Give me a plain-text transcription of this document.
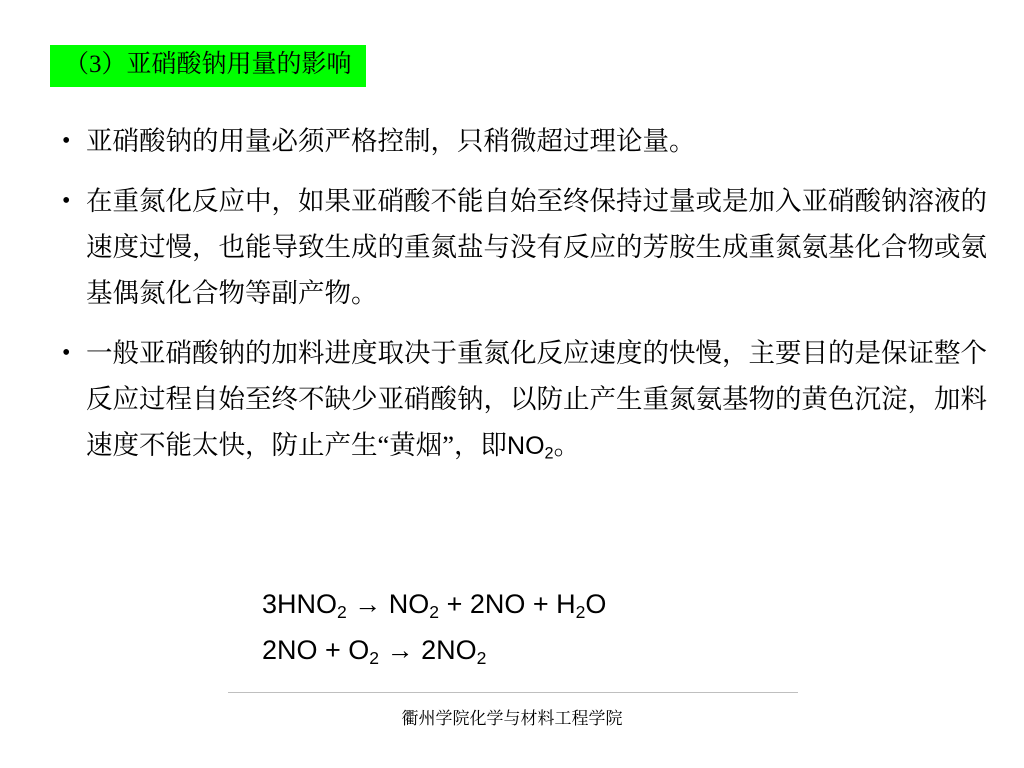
（3）亚硝酸钠用量的影响
• 亚硝酸钠的用量必须严格控制，只稍微超过理论量。
• 在重氮化反应中，如果亚硝酸不能自始至终保持过量或是加入亚硝酸钠溶液的速度过慢，也能导致生成的重氮盐与没有反应的芳胺生成重氮氨基化合物或氨基偶氮化合物等副产物。
• 一般亚硝酸钠的加料进度取决于重氮化反应速度的快慢，主要目的是保证整个反应过程自始至终不缺少亚硝酸钠，以防止产生重氮氨基物的黄色沉淀，加料速度不能太快，防止产生“黄烟”，即$NO_2$。
$3HNO_2 \to NO_2 + 2NO + H_2O$
$2NO + O_2 \to 2NO_2$
衢州学院化学与材料工程学院
